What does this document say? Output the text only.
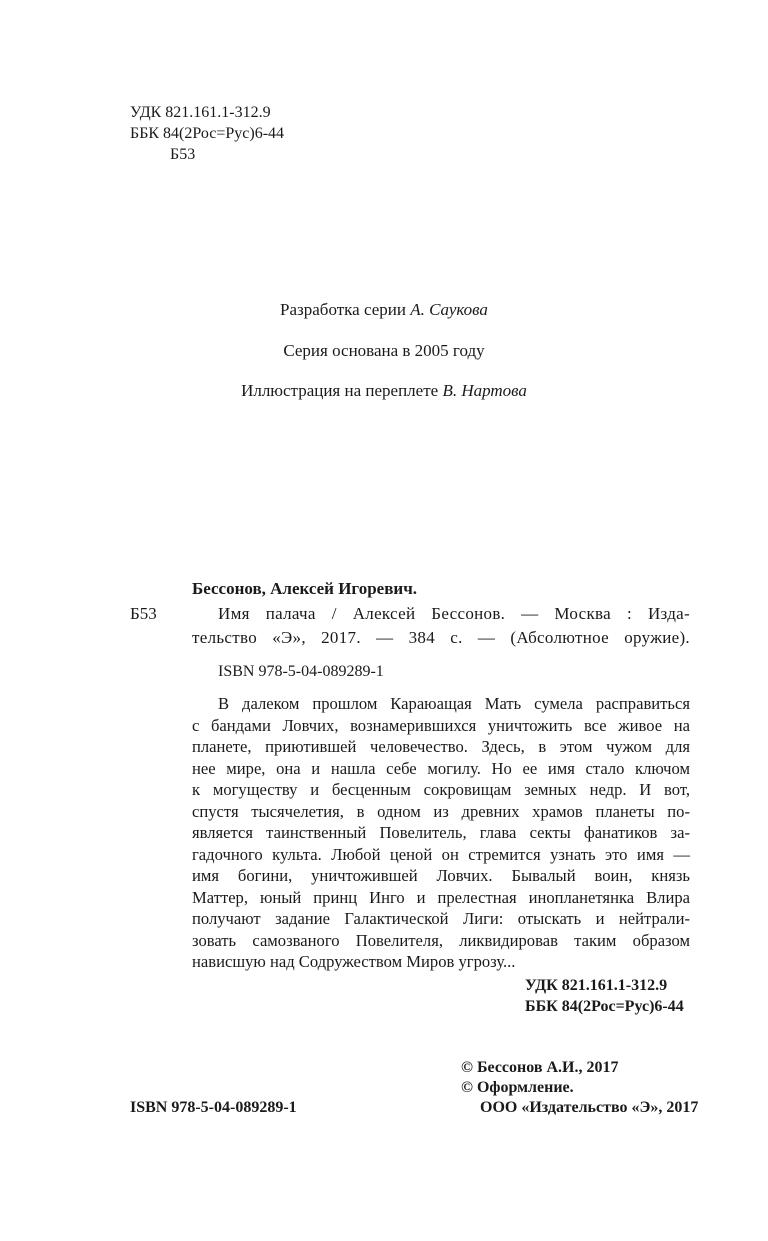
УДК 821.161.1-312.9

ББК 84(2Рос=Рус)6-44

Б53

Разработка серии А. Саукова

Серия основана в 2005 году

Иллюстрация на переплете В. Нартова

Бессонов, Алексей Игоревич.

Б53	Имя палача / Алексей Бессонов. — Москва : Изда-
тельство «Э», 2017. — 384 с. — (Абсолютное оружие).

ISBN 978-5-04-089289-1

В далеком прошлом Караюащая Мать сумела расправиться
с бандами Ловчих, вознамерившихся уничтожить все живое на
планете, приютившей человечество. Здесь, в этом чужом для
нее мире, она и нашла себе могилу. Но ее имя стало ключом
к могуществу и бесценным сокровищам земных недр. И вот,
спустя тысячелетия, в одном из древних храмов планеты по-
является таинственный Повелитель, глава секты фанатиков за-
гадочного культа. Любой ценой он стремится узнать это имя —
имя богини, уничтожившей Ловчих. Бывалый воин, князь
Маттер, юный принц Инго и прелестная инопланетянка Влира
получают задание Галактической Лиги: отыскать и нейтрали-
зовать самозваного Повелителя, ликвидировав таким образом
нависшую над Содружеством Миров угрозу...

УДК 821.161.1-312.9

ББК 84(2Рос=Рус)6-44

© Бессонов А.И., 2017

© Оформление.

ООО «Издательство «Э», 2017

ISBN 978-5-04-089289-1
